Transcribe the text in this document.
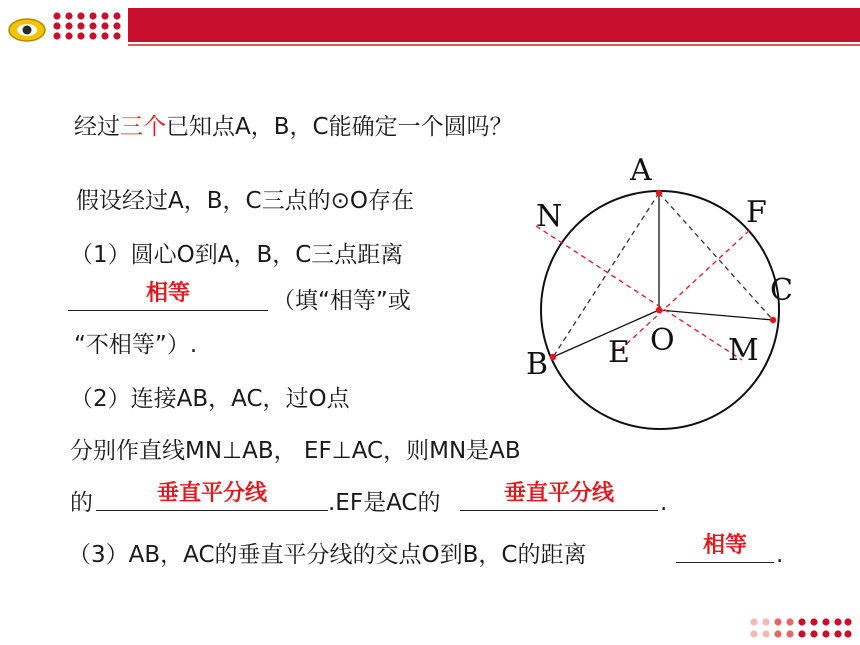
经过三个已知点A，B，C能确定一个圆吗？
假设经过A，B，C三点的⊙O存在
（1）圆心O到A，B，C三点距离
相等	（填“相等”或
“不相等”）.
（2）连接AB，AC，过O点
分别作直线MN⊥AB， EF⊥AC，则MN是AB
的	垂直平分线	.EF是AC的	垂直平分线	.
（3）AB，AC的垂直平分线的交点O到B，C的距离	相等	.
A
N	F
C
O
E	M
B
